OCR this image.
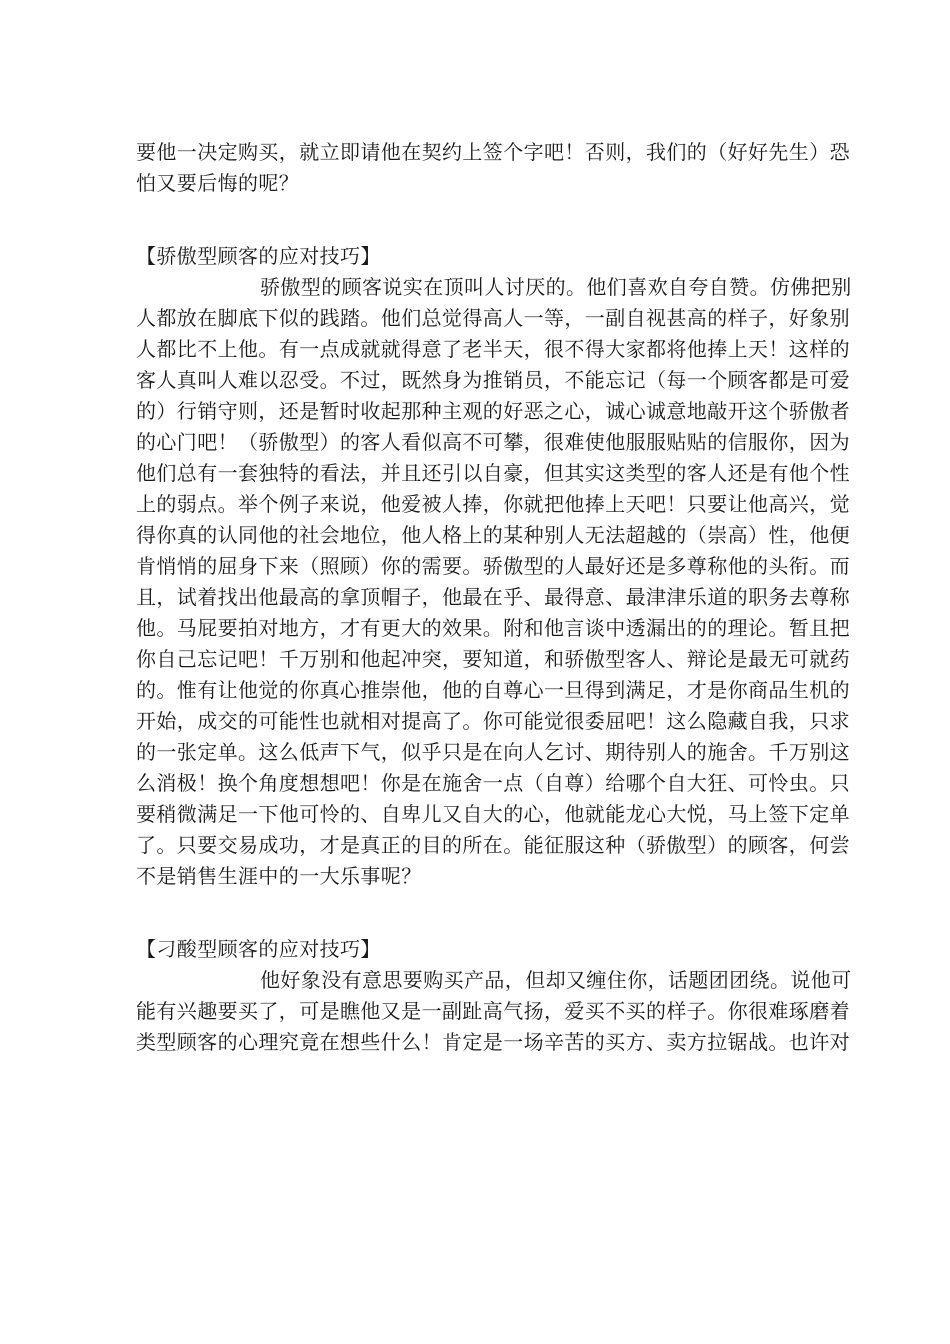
要他一决定购买，就立即请他在契约上签个字吧！否则，我们的（好好先生）恐
怕又要后悔的呢？
【骄傲型顾客的应对技巧】
骄傲型的顾客说实在顶叫人讨厌的。他们喜欢自夸自赞。仿佛把别
人都放在脚底下似的践踏。他们总觉得高人一等，一副自视甚高的样子，好象别
人都比不上他。有一点成就就得意了老半天，很不得大家都将他捧上天！这样的
客人真叫人难以忍受。不过，既然身为推销员，不能忘记（每一个顾客都是可爱
的）行销守则，还是暂时收起那种主观的好恶之心，诚心诚意地敲开这个骄傲者
的心门吧！（骄傲型）的客人看似高不可攀，很难使他服服贴贴的信服你，因为
他们总有一套独特的看法，并且还引以自豪，但其实这类型的客人还是有他个性
上的弱点。举个例子来说，他爱被人捧，你就把他捧上天吧！只要让他高兴，觉
得你真的认同他的社会地位，他人格上的某种别人无法超越的（崇高）性，他便
肯悄悄的屈身下来（照顾）你的需要。骄傲型的人最好还是多尊称他的头衔。而
且，试着找出他最高的拿顶帽子，他最在乎、最得意、最津津乐道的职务去尊称
他。马屁要拍对地方，才有更大的效果。附和他言谈中透漏出的的理论。暂且把
你自己忘记吧！千万别和他起冲突，要知道，和骄傲型客人、辩论是最无可就药
的。惟有让他觉的你真心推崇他，他的自尊心一旦得到满足，才是你商品生机的
开始，成交的可能性也就相对提高了。你可能觉很委屈吧！这么隐藏自我，只求
的一张定单。这么低声下气，似乎只是在向人乞讨、期待别人的施舍。千万别这
么消极！换个角度想想吧！你是在施舍一点（自尊）给哪个自大狂、可怜虫。只
要稍微满足一下他可怜的、自卑儿又自大的心，他就能龙心大悦，马上签下定单
了。只要交易成功，才是真正的目的所在。能征服这种（骄傲型）的顾客，何尝
不是销售生涯中的一大乐事呢？
【刁酸型顾客的应对技巧】
他好象没有意思要购买产品，但却又缠住你，话题团团绕。说他可
能有兴趣要买了，可是瞧他又是一副趾高气扬，爱买不买的样子。你很难琢磨着
类型顾客的心理究竟在想些什么！肯定是一场辛苦的买方、卖方拉锯战。也许对
